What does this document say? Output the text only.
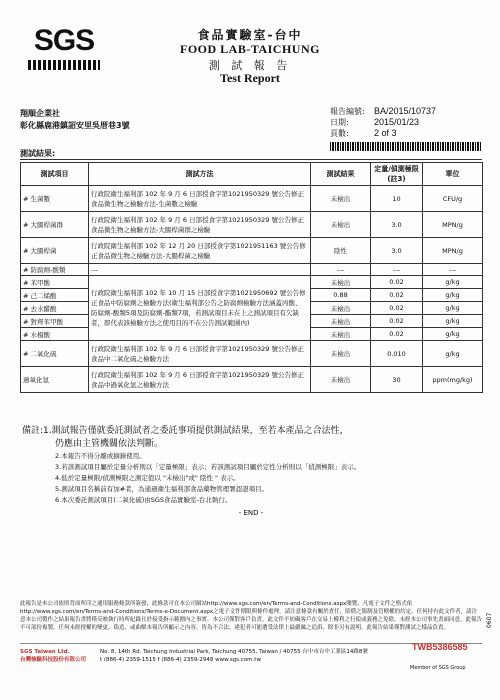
SGS	食品實驗室-台中
FOOD LAB-TAICHUNG
測 試 報 告
Test Report
翔順企業社
彰化縣鹿港鎮詔安里吳厝巷3號
報告編號: BA/2015/10737
日期:	2015/01/23
頁數:	2 of 3
測試結果:
測試項目	測試方法	測試結果	定量/偵測極限(註3)	單位
# 生菌數	行政院衛生福利部 102 年 9 月 6 日部授食字第1021950329 號公告修正食品微生物之檢驗方法-生菌數之檢驗	未檢出	10	CFU/g
# 大腸桿菌群	行政院衛生福利部 102 年 9 月 6 日部授食字第1021950329 號公告修正食品微生物之檢驗方法-大腸桿菌群之檢驗	未檢出	3.0	MPN/g
# 大腸桿菌	行政院衛生福利部 102 年 12 月 20 日部授食字第1021951163 號公告修正食品微生物之檢驗方法-大腸桿菌之檢驗	陰性	3.0	MPN/g
# 防腐劑-酸類	---	---	---	---
# 苯甲酸	行政院衛生福利部 102 年 10 月 15 日部授食字第1021950692 號公告修正食品中防腐劑之檢驗方法(衛生福利部公告之防腐劑檢驗方法涵蓋丙酸、防腐劑-酸類5項及防腐劑-酯類7項，若測試項目未在上之測試項目有欠缺者，即代表該檢驗方法之使用目的不在公告測試範圍內)	未檢出	0.02	g/kg
# 己二烯酸		0.88	0.02	g/kg
# 去水醋酸		未檢出	0.02	g/kg
# 對羥苯甲酸		未檢出	0.02	g/kg
# 水楊酸		未檢出	0.02	g/kg
# 二氧化硫	行政院衛生福利部 102 年 9 月 6 日部授食字第1021950329 號公告修正食品中二氧化硫之檢驗方法	未檢出	0.010	g/kg
過氧化氫	行政院衛生福利部 102 年 9 月 6 日部授食字第1021950329 號公告修正食品中過氧化氫之檢驗方法	未檢出	30	ppm(mg/kg)
備註:1.測試報告僅就委託測試者之委託事項提供測試結果，至若本產品之合法性，
仍應由主管機關依法判斷。
2.本報告不得分離或摘錄使用。
3.若該測試項目屬於定量分析則以「定量極限」表示；若該測試項目屬於定性分析則以「偵測極限」表示。
4.低於定量極限/偵測極限之測定值以 "未檢出"或" 陰性 " 表示。
5.測試項目名稱前有加#者，為通過衛生福利部食品藥物管理署認證項目。
6.本次委託測試項目(二氧化硫)由SGS食品實驗室-台北執行。
- END -
此報告是本公司依照背面所印之通用服務條款所簽發，此條款可在本公司網站http://www.sgs.com/en/Terms-and-Conditions.aspx閱覽，凡電子文件之格式依http://www.sgs.com/en/Terms-and-Conditions/Terms-e-Document.aspx之電子文件期限與條件處理。請注意條款有關於責任、賠償之限制及管轄權的約定。任何持有此文件者，請注意本公司製作之結果報告書將僅反映執行時所紀錄且於接受指示範圍內之事實。本公司僅對客戶負責，此文件不妨礙客戶在交易上權利之行使或義務之免除。未經本公司事先書面同意，此報告不可部份複製。任何未經授權的變更、偽造、或曲解本報告所顯示之內容，皆為不合法，違犯者可能遭受法律上最嚴厲之追訴。除非另有說明，此報告結果僅對測試之樣品負責。
SGS Taiwan Ltd.
台灣檢驗科技股份有限公司
No. 8, 14th Rd. Taichung Industrial Park, Taichung 40755, Taiwan / 40755 台中市台中工業區14路8號
t (886-4) 2359-1515 f (886-4) 2359-2948 www.sgs.com.tw
TWB5386585
Member of SGS Group
0607
